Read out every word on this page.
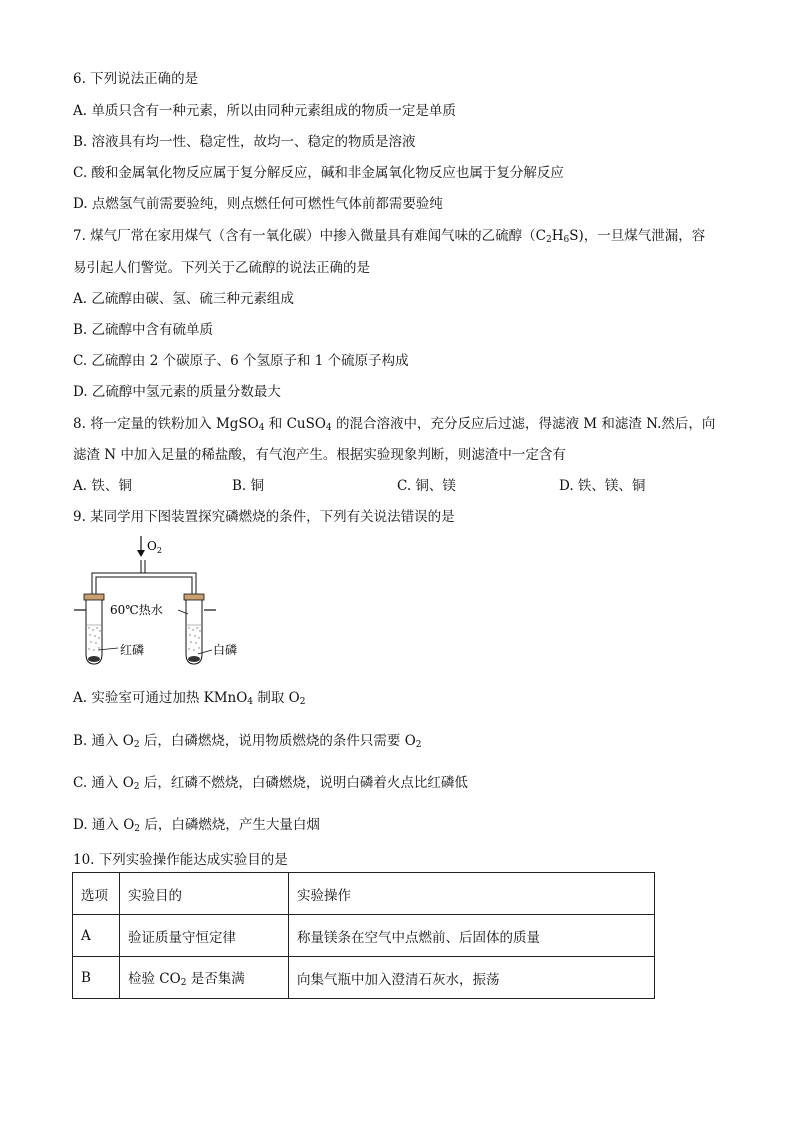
6. 下列说法正确的是
A. 单质只含有一种元素，所以由同种元素组成的物质一定是单质
B. 溶液具有均一性、稳定性，故均一、稳定的物质是溶液
C. 酸和金属氧化物反应属于复分解反应，碱和非金属氧化物反应也属于复分解反应
D. 点燃氢气前需要验纯，则点燃任何可燃性气体前都需要验纯
7. 煤气厂常在家用煤气（含有一氧化碳）中掺入微量具有难闻气味的乙硫醇$(C_2H_6S)$，一旦煤气泄漏，容
易引起人们警觉。下列关于乙硫醇的说法正确的是
A. 乙硫醇由碳、氢、硫三种元素组成
B. 乙硫醇中含有硫单质
C. 乙硫醇由 2 个碳原子、6 个氢原子和 1 个硫原子构成
D. 乙硫醇中氢元素的质量分数最大
8. 将一定量的铁粉加入 MgSO$_4$ 和 CuSO$_4$ 的混合溶液中，充分反应后过滤，得滤液 M 和滤渣 N.然后，向
滤渣 N 中加入足量的稀盐酸，有气泡产生。根据实验现象判断，则滤渣中一定含有
A. 铁、铜	B. 铜	C. 铜、镁	D. 铁、镁、铜
9. 某同学用下图装置探究磷燃烧的条件，下列有关说法错误的是
$O_2$
60℃热水
红磷	白磷
A. 实验室可通过加热 KMnO$_4$ 制取 $O_2$
B. 通入 $O_2$ 后，白磷燃烧，说用物质燃烧的条件只需要 $O_2$
C. 通入 $O_2$ 后，红磷不燃烧，白磷燃烧，说明白磷着火点比红磷低
D. 通入 $O_2$ 后，白磷燃烧，产生大量白烟
10. 下列实验操作能达成实验目的是
选项	实验目的	实验操作
A	验证质量守恒定律	称量镁条在空气中点燃前、后固体的质量
B	检验 $CO_2$ 是否集满	向集气瓶中加入澄清石灰水，振荡
